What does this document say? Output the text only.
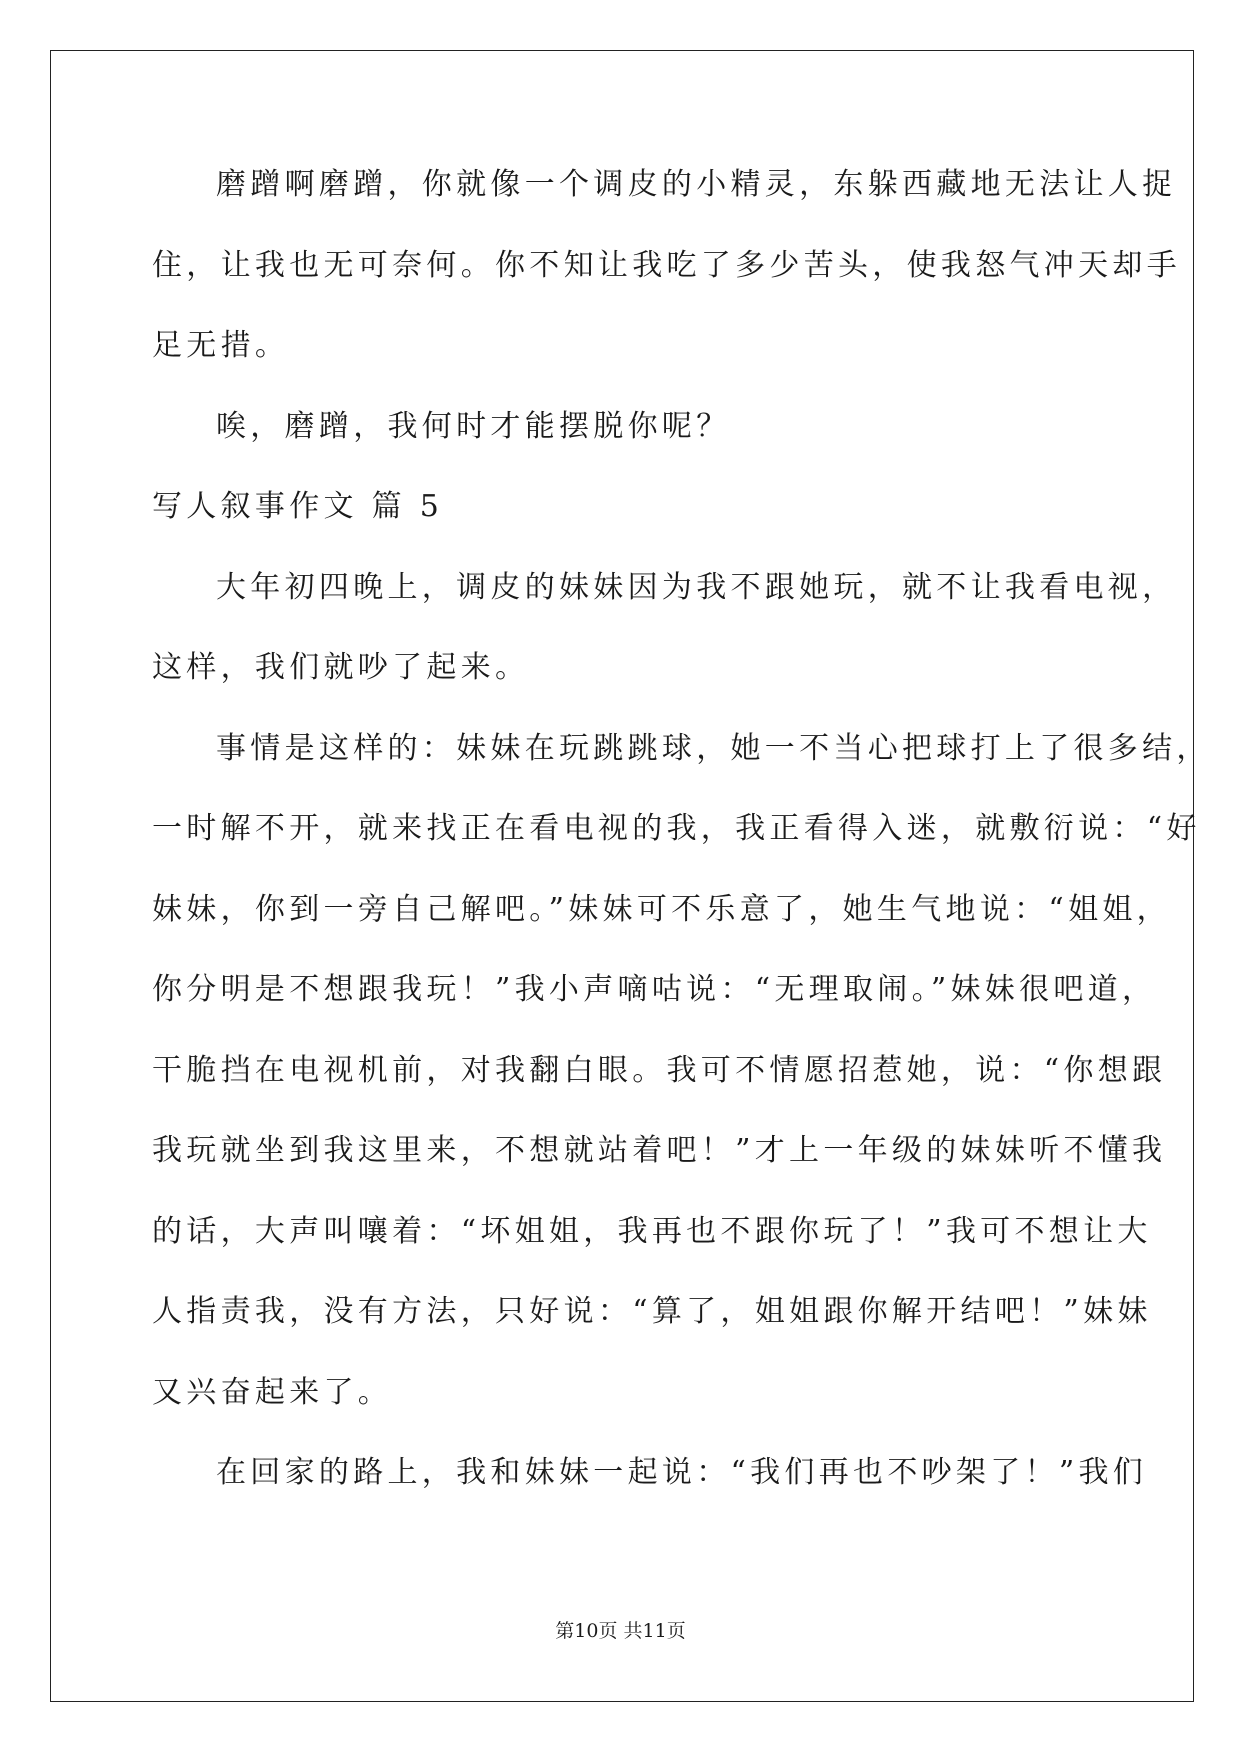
磨蹭啊磨蹭，你就像一个调皮的小精灵，东躲西藏地无法让人捉
住，让我也无可奈何。你不知让我吃了多少苦头，使我怒气冲天却手
足无措。
唉，磨蹭，我何时才能摆脱你呢？
写人叙事作文 篇 5
大年初四晚上，调皮的妹妹因为我不跟她玩，就不让我看电视，
这样，我们就吵了起来。
事情是这样的：妹妹在玩跳跳球，她一不当心把球打上了很多结，
一时解不开，就来找正在看电视的我，我正看得入迷，就敷衍说：“好
妹妹，你到一旁自己解吧。”妹妹可不乐意了，她生气地说：“姐姐，
你分明是不想跟我玩！”我小声嘀咕说：“无理取闹。”妹妹很吧道，
干脆挡在电视机前，对我翻白眼。我可不情愿招惹她，说：“你想跟
我玩就坐到我这里来，不想就站着吧！”才上一年级的妹妹听不懂我
的话，大声叫嚷着：“坏姐姐，我再也不跟你玩了！”我可不想让大
人指责我，没有方法，只好说：“算了，姐姐跟你解开结吧！”妹妹
又兴奋起来了。
在回家的路上，我和妹妹一起说：“我们再也不吵架了！”我们
第10页 共11页
